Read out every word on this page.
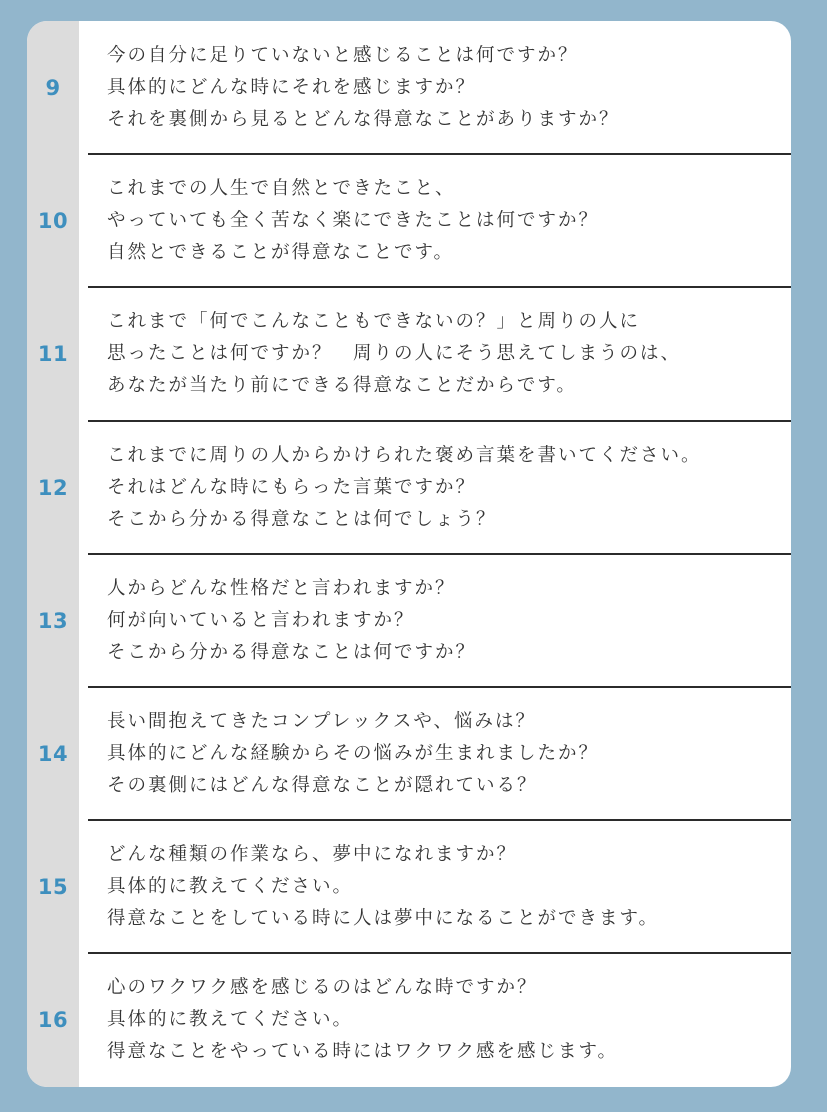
9
今の自分に足りていないと感じることは何ですか？
具体的にどんな時にそれを感じますか？
それを裏側から見るとどんな得意なことがありますか？
10
これまでの人生で自然とできたこと、
やっていても全く苦なく楽にできたことは何ですか？
自然とできることが得意なことです。
11
これまで「何でこんなこともできないの？」と周りの人に
思ったことは何ですか？　周りの人にそう思えてしまうのは、
あなたが当たり前にできる得意なことだからです。
12
これまでに周りの人からかけられた褒め言葉を書いてください。
それはどんな時にもらった言葉ですか？
そこから分かる得意なことは何でしょう？
13
人からどんな性格だと言われますか？
何が向いていると言われますか？
そこから分かる得意なことは何ですか？
14
長い間抱えてきたコンプレックスや、悩みは？
具体的にどんな経験からその悩みが生まれましたか？
その裏側にはどんな得意なことが隠れている？
15
どんな種類の作業なら、夢中になれますか？
具体的に教えてください。
得意なことをしている時に人は夢中になることができます。
16
心のワクワク感を感じるのはどんな時ですか？
具体的に教えてください。
得意なことをやっている時にはワクワク感を感じます。
